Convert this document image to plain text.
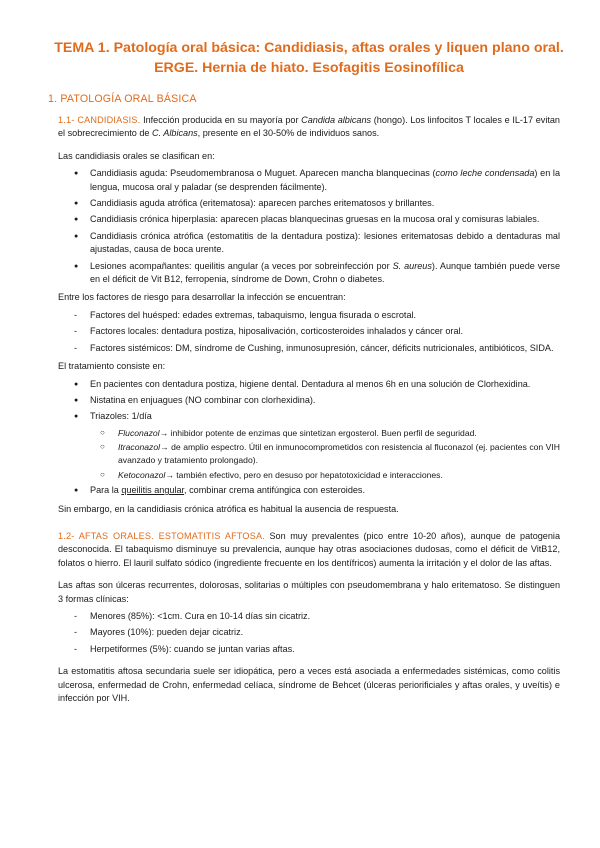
TEMA 1. Patología oral básica: Candidiasis, aftas orales y liquen plano oral. ERGE. Hernia de hiato. Esofagitis Eosinofílica
1. PATOLOGÍA ORAL BÁSICA

1.1- CANDIDIASIS. Infección producida en su mayoría por Candida albicans (hongo). Los linfocitos T locales e IL-17 evitan el sobrecrecimiento de C. Albicans, presente en el 30-50% de individuos sanos.

Las candidiasis orales se clasifican en:

● Candidiasis aguda: Pseudomembranosa o Muguet. Aparecen mancha blanquecinas (como leche condensada) en la lengua, mucosa oral y paladar (se desprenden fácilmente).
● Candidiasis aguda atrófica (eritematosa): aparecen parches eritematosos y brillantes.
● Candidiasis crónica hiperplasia: aparecen placas blanquecinas gruesas en la mucosa oral y comisuras labiales.
● Candidiasis crónica atrófica (estomatitis de la dentadura postiza): lesiones eritematosas debido a dentaduras mal ajustadas, causa de boca urente.
● Lesiones acompañantes: queilitis angular (a veces por sobreinfección por S. aureus). Aunque también puede verse en el déficit de Vit B12, ferropenia, síndrome de Down, Crohn o diabetes.

Entre los factores de riesgo para desarrollar la infección se encuentran:

- Factores del huésped: edades extremas, tabaquismo, lengua fisurada o escrotal.
- Factores locales: dentadura postiza, hiposalivación, corticosteroides inhalados y cáncer oral.
- Factores sistémicos: DM, síndrome de Cushing, inmunosupresión, cáncer, déficits nutricionales, antibióticos, SIDA.

El tratamiento consiste en:

● En pacientes con dentadura postiza, higiene dental. Dentadura al menos 6h en una solución de Clorhexidina.
● Nistatina en enjuagues (NO combinar con clorhexidina).
● Triazoles: 1/día
○ Fluconazol→ inhibidor potente de enzimas que sintetizan ergosterol. Buen perfil de seguridad.
○ Itraconazol→ de amplio espectro. Útil en inmunocomprometidos con resistencia al fluconazol (ej. pacientes con VIH avanzado y tratamiento prolongado).
○ Ketoconazol→ también efectivo, pero en desuso por hepatotoxicidad e interacciones.
● Para la queilitis angular, combinar crema antifúngica con esteroides.

Sin embargo, en la candidiasis crónica atrófica es habitual la ausencia de respuesta.

1.2- AFTAS ORALES. ESTOMATITIS AFTOSA. Son muy prevalentes (pico entre 10-20 años), aunque de patogenia desconocida. El tabaquismo disminuye su prevalencia, aunque hay otras asociaciones dudosas, como el déficit de VitB12, folatos o hierro. El lauril sulfato sódico (ingrediente frecuente en los dentífricos) aumenta la irritación y el dolor de las aftas.

Las aftas son úlceras recurrentes, dolorosas, solitarias o múltiples con pseudomembrana y halo eritematoso. Se distinguen 3 formas clínicas:

- Menores (85%): <1cm. Cura en 10-14 días sin cicatriz.
- Mayores (10%): pueden dejar cicatriz.
- Herpetiformes (5%): cuando se juntan varias aftas.

La estomatitis aftosa secundaria suele ser idiopática, pero a veces está asociada a enfermedades sistémicas, como colitis ulcerosa, enfermedad de Crohn, enfermedad celíaca, síndrome de Behcet (úlceras periorificiales y aftas orales, y uveítis) e infección por VIH.
